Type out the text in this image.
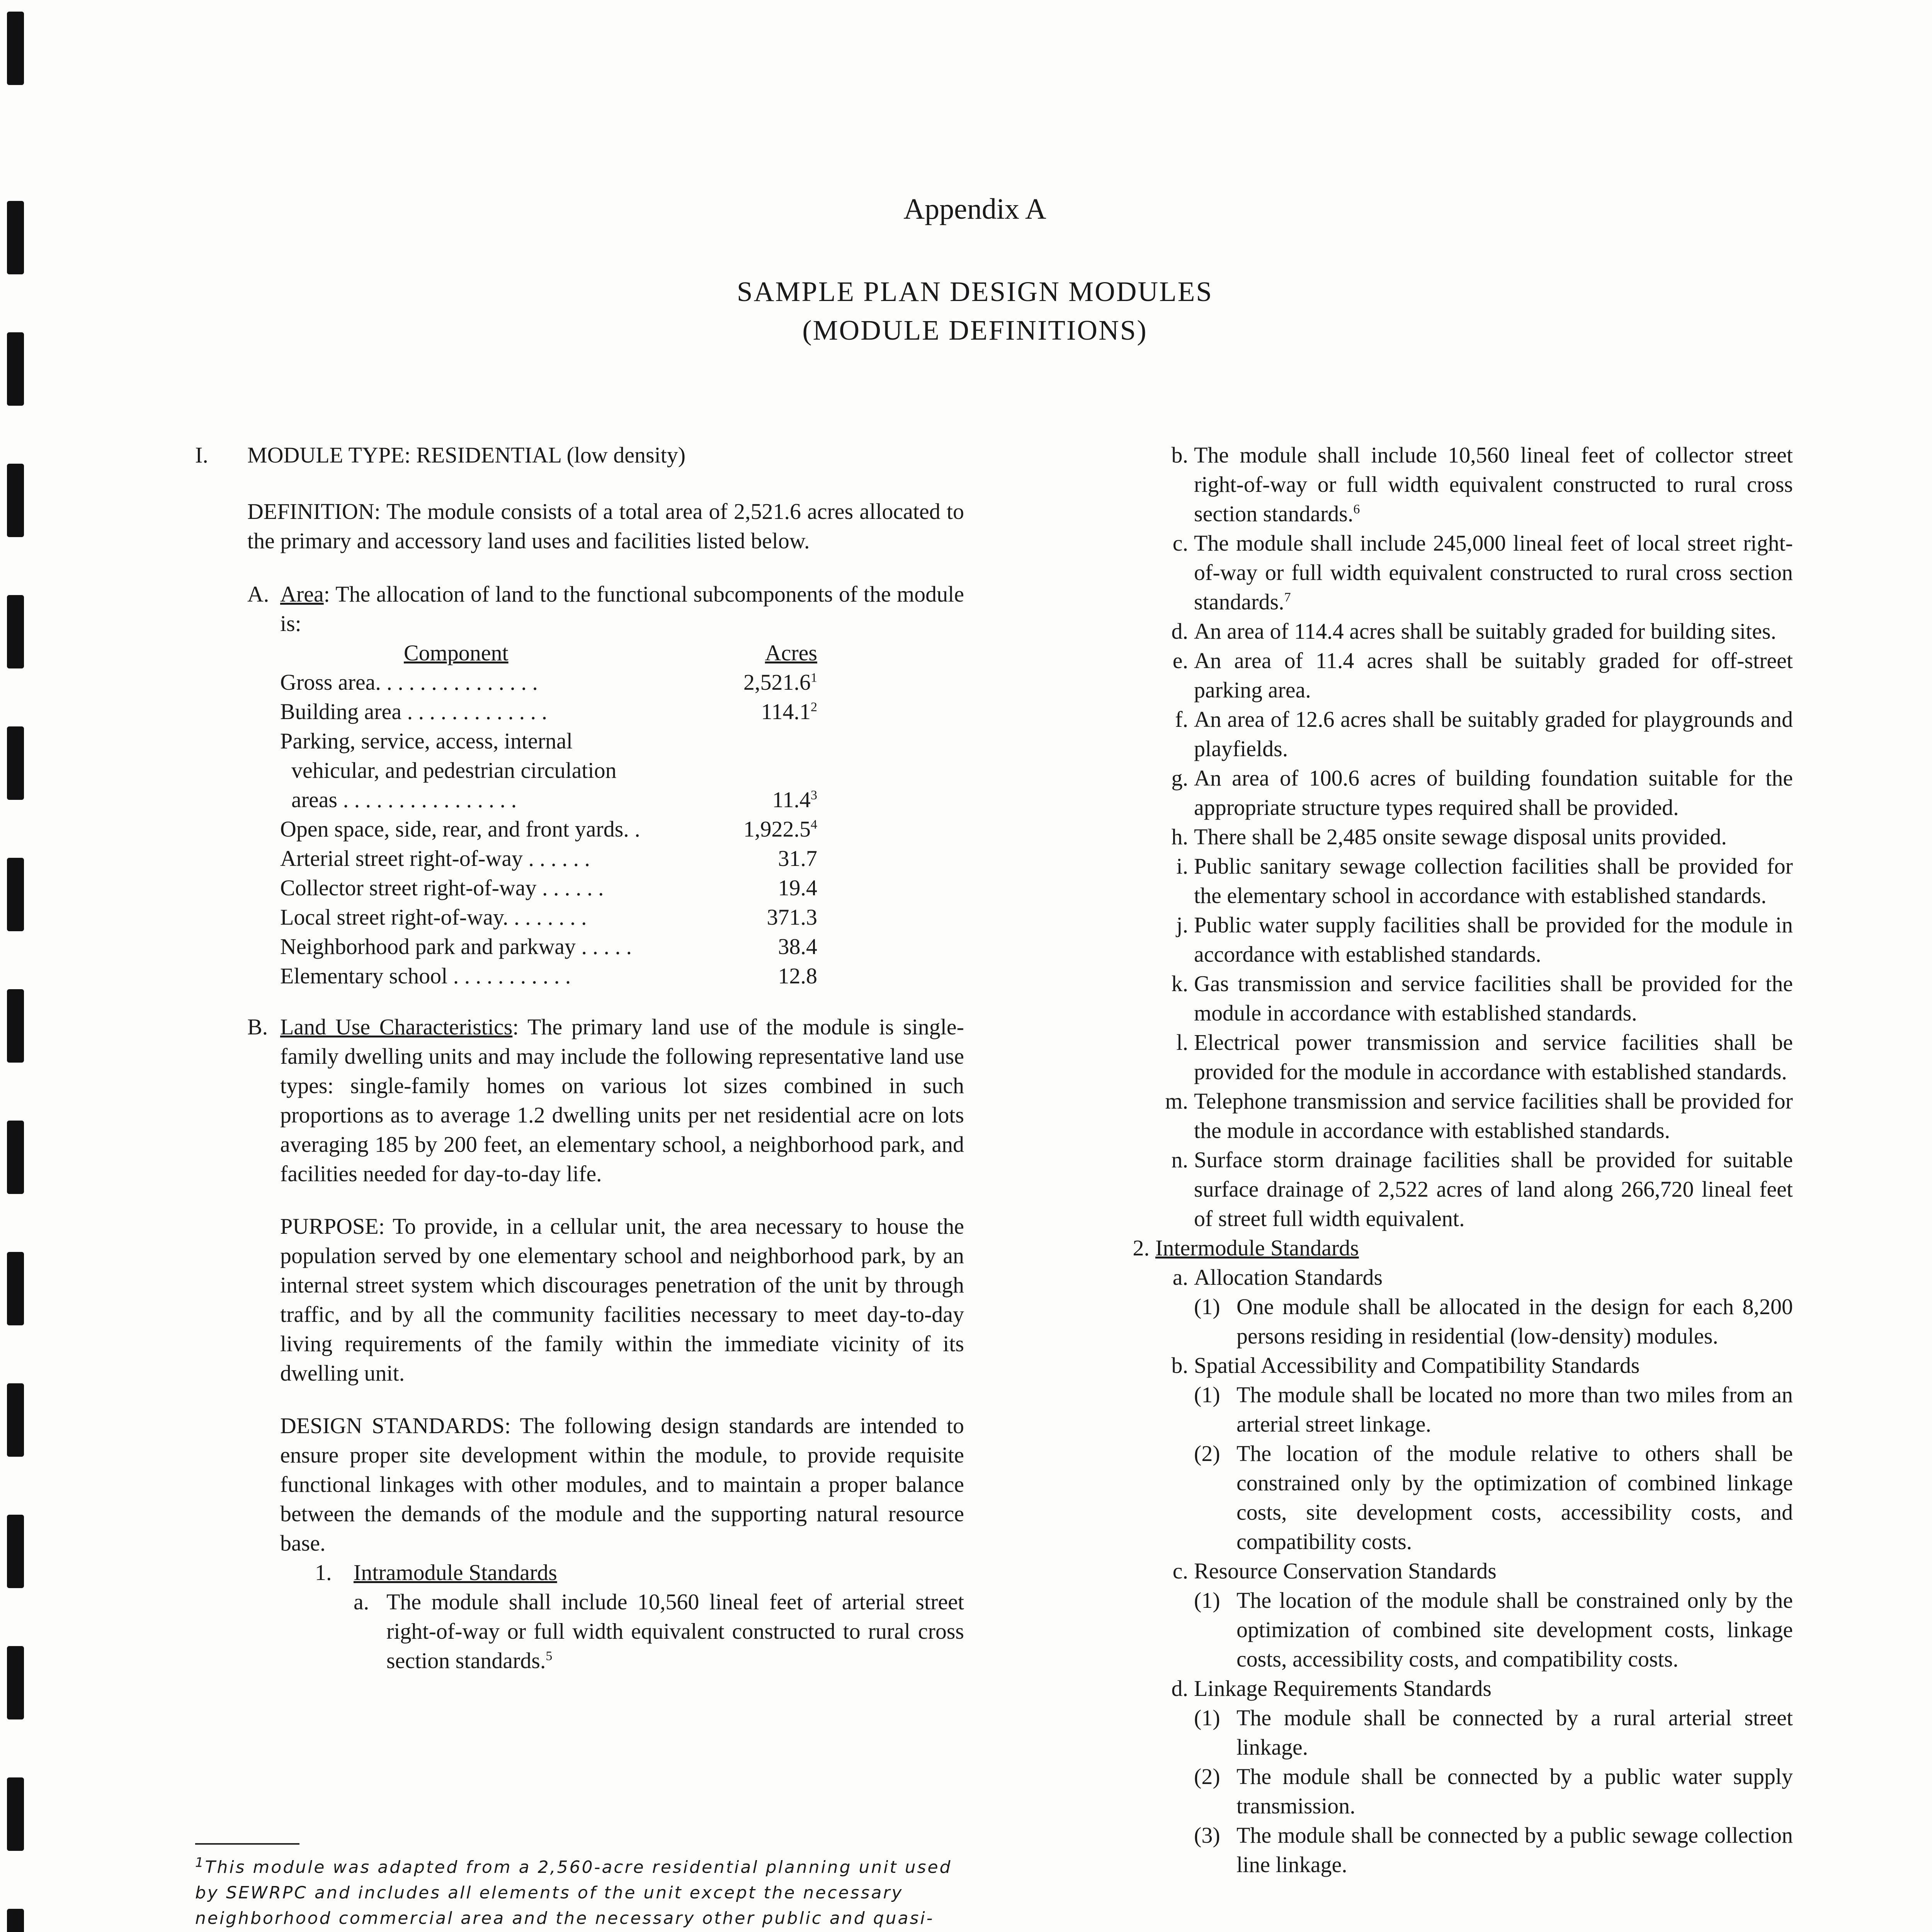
Appendix A
SAMPLE PLAN DESIGN MODULES
(MODULE DEFINITIONS)
I.	MODULE TYPE: RESIDENTIAL (low density)
DEFINITION: The module consists of a total area of 2,521.6 acres allocated to the primary and accessory land uses and facilities listed below.
A. Area: The allocation of land to the functional subcomponents of the module is:
Component	Acres
Gross area. . . . . . . . . . . . . . .	2,521.6$^1$
Building area . . . . . . . . . . . . .	114.1$^2$
Parking, service, access, internal
vehicular, and pedestrian circulation
areas . . . . . . . . . . . . . . . .	11.4$^3$
Open space, side, rear, and front yards. .	1,922.5$^4$
Arterial street right-of-way . . . . . .	31.7
Collector street right-of-way . . . . . .	19.4
Local street right-of-way. . . . . . . .	371.3
Neighborhood park and parkway . . . . .	38.4
Elementary school . . . . . . . . . . .	12.8
B. Land Use Characteristics: The primary land use of the module is single-family dwelling units and may include the following representative land use types: single-family homes on various lot sizes combined in such proportions as to average 1.2 dwelling units per net residential acre on lots averaging 185 by 200 feet, an elementary school, a neighborhood park, and facilities needed for day-to-day life.
PURPOSE: To provide, in a cellular unit, the area necessary to house the population served by one elementary school and neighborhood park, by an internal street system which discourages penetration of the unit by through traffic, and by all the community facilities necessary to meet day-to-day living requirements of the family within the immediate vicinity of its dwelling unit.
DESIGN STANDARDS: The following design standards are intended to ensure proper site development within the module, to provide requisite functional linkages with other modules, and to maintain a proper balance between the demands of the module and the supporting natural resource base.
1. Intramodule Standards
a. The module shall include 10,560 lineal feet of arterial street right-of-way or full width equivalent constructed to rural cross section standards.$^5$
b. The module shall include 10,560 lineal feet of collector street right-of-way or full width equivalent constructed to rural cross section standards.$^6$
c. The module shall include 245,000 lineal feet of local street right-of-way or full width equivalent constructed to rural cross section standards.$^7$
d. An area of 114.4 acres shall be suitably graded for building sites.
e. An area of 11.4 acres shall be suitably graded for off-street parking area.
f. An area of 12.6 acres shall be suitably graded for playgrounds and playfields.
g. An area of 100.6 acres of building foundation suitable for the appropriate structure types required shall be provided.
h. There shall be 2,485 onsite sewage disposal units provided.
i. Public sanitary sewage collection facilities shall be provided for the elementary school in accordance with established standards.
j. Public water supply facilities shall be provided for the module in accordance with established standards.
k. Gas transmission and service facilities shall be provided for the module in accordance with established standards.
l. Electrical power transmission and service facilities shall be provided for the module in accordance with established standards.
m. Telephone transmission and service facilities shall be provided for the module in accordance with established standards.
n. Surface storm drainage facilities shall be provided for suitable surface drainage of 2,522 acres of land along 266,720 lineal feet of street full width equivalent.
2. Intermodule Standards
a. Allocation Standards
(1) One module shall be allocated in the design for each 8,200 persons residing in residential (low-density) modules.
b. Spatial Accessibility and Compatibility Standards
(1) The module shall be located no more than two miles from an arterial street linkage.
(2) The location of the module relative to others shall be constrained only by the optimization of combined linkage costs, site development costs, accessibility costs, and compatibility costs.
c. Resource Conservation Standards
(1) The location of the module shall be constrained only by the optimization of combined site development costs, linkage costs, accessibility costs, and compatibility costs.
d. Linkage Requirements Standards
(1) The module shall be connected by a rural arterial street linkage.
(2) The module shall be connected by a public water supply transmission.
(3) The module shall be connected by a public sewage collection line linkage.
$^1$This module was adapted from a 2,560-acre residential planning unit used by SEWRPC and includes all elements of the unit except the necessary neighborhood commercial area and the necessary other public and quasi-
